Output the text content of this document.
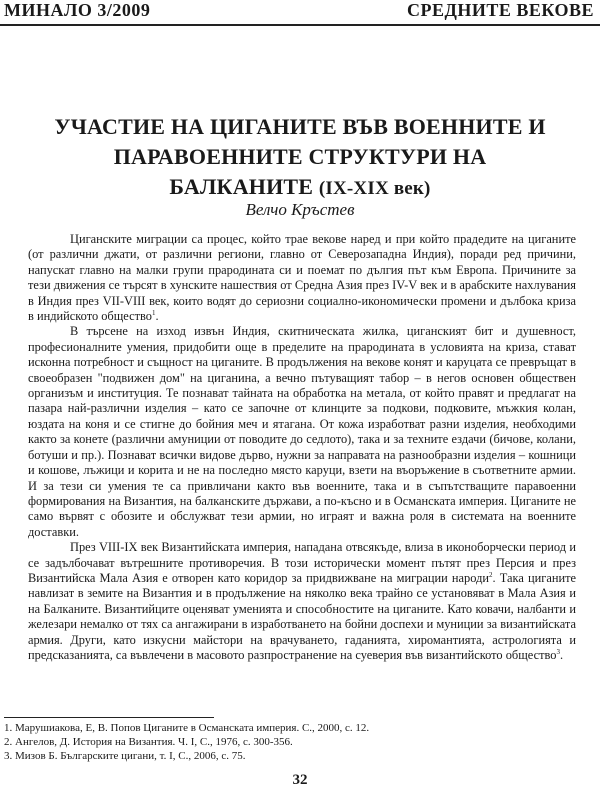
МИНАЛО 3/2009	СРЕДНИТЕ ВЕКОВЕ
УЧАСТИЕ НА ЦИГАНИТЕ ВЪВ ВОЕННИТЕ И
ПАРАВОЕННИТЕ СТРУКТУРИ НА
БАЛКАНИТЕ (IX-XIX век)
Велчо Кръстев

Циганските миграции са процес, който трае векове наред и при който прадедите на циганите (от различни джати, от различни региони, главно от Северозападна Индия), поради ред причини, напускат главно на малки групи прародината си и поемат по дългия път към Европа. Причините за тези движения се търсят в хунските нашествия от Средна Азия през IV-V век и в арабските нахлувания в Индия през VII-VIII век, които водят до сериозни социално-икономически промени и дълбока криза в индийското общество$^1$.

В търсене на изход извън Индия, скитническата жилка, циганският бит и душевност, професионалните умения, придобити още в пределите на прародината в условията на криза, стават исконна потребност и същност на циганите. В продължения на векове конят и каруцата се превръщат в своеобразен "подвижен дом" на циганина, а вечно пътуващият табор – в негов основен обществен организъм и институция. Те познават тайната на обработка на метала, от който правят и предлагат на пазара най-различни изделия – като се започне от клинците за подкови, подковите, мъжкия колан, юздата на коня и се стигне до бойния меч и ятагана. От кожа изработват разни изделия, необходими както за конете (различни амуниции от поводите до седлото), така и за техните ездачи (бичове, колани, ботуши и пр.). Познават всички видове дърво, нужни за направата на разнообразни изделия – кошници и кошове, лъжици и корита и не на последно място каруци, взети на въоръжение в съответните армии. И за тези си умения те са привличани както във военните, така и в съпътстващите паравоенни формирования на Византия, на балканските държави, а по-късно и в Османската империя. Циганите не само вървят с обозите и обслужват тези армии, но играят и важна роля в системата на военните доставки.

През VIII-IX век Византийската империя, нападана отвсякъде, влиза в иконоборчески период и се задълбочават вътрешните противоречия. В този исторически момент пътят през Персия и през Византийска Мала Азия е отворен като коридор за придвижване на миграции народи$^2$. Така циганите навлизат в земите на Византия и в продължение на няколко века трайно се установяват в Мала Азия и на Балканите. Византийците оценяват уменията и способностите на циганите. Като ковачи, налбанти и железари немалко от тях са ангажирани в изработването на бойни доспехи и муниции за византийската армия. Други, като изкусни майстори на врачуването, гаданията, хиромантията, астрологията и предсказанията, са въвлечени в масовото разпространение на суеверия във византийското общество$^3$.

1. Марушиакова, Е, В. Попов Циганите в Османската империя. С., 2000, с. 12.
2. Ангелов, Д. История на Византия. Ч. I, С., 1976, с. 300-356.
3. Мизов Б. Българските цигани, т. I, С., 2006, с. 75.
32
